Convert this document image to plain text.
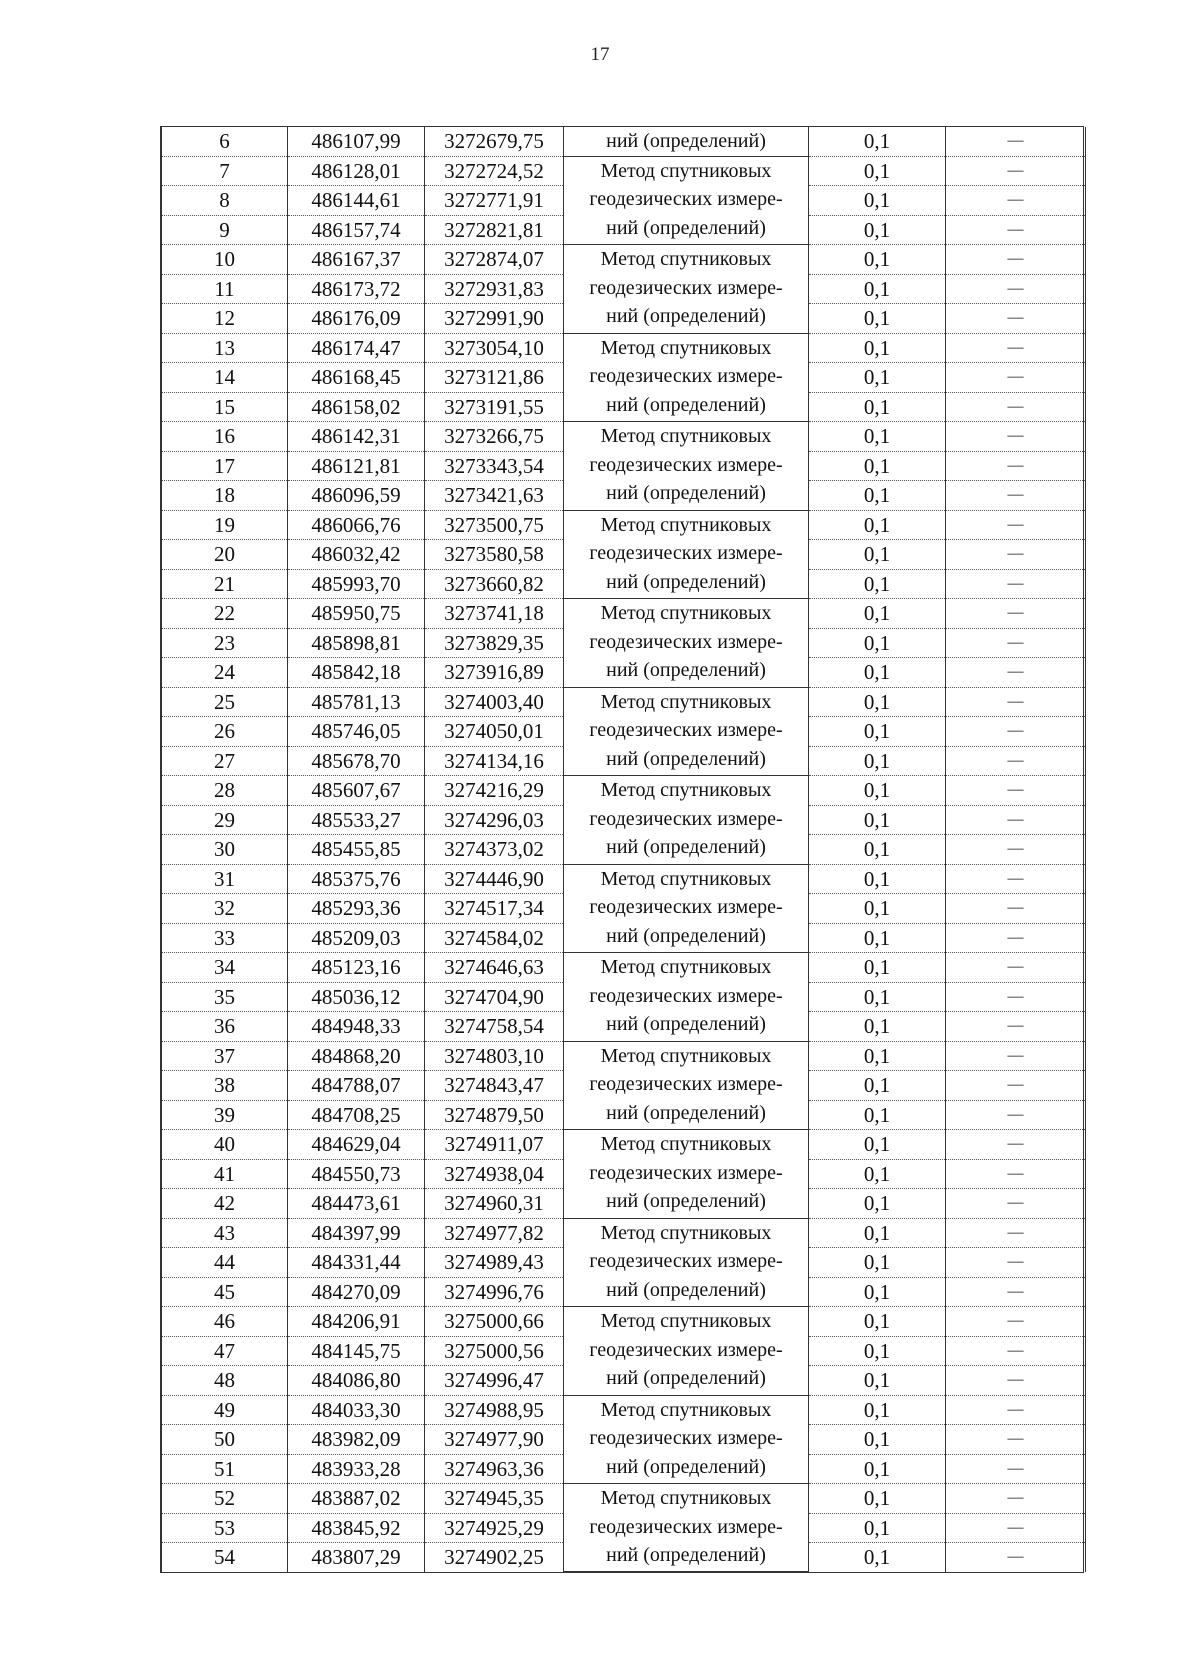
17
6	486107,99	3272679,75	ний (определений)	0,1	—
7	486128,01	3272724,52	Метод спутниковых
геодезических измере-
ний (определений)	0,1	—
8	486144,61	3272771,91		0,1	—
9	486157,74	3272821,81		0,1	—
10	486167,37	3272874,07	Метод спутниковых
геодезических измере-
ний (определений)	0,1	—
11	486173,72	3272931,83		0,1	—
12	486176,09	3272991,90		0,1	—
13	486174,47	3273054,10	Метод спутниковых
геодезических измере-
ний (определений)	0,1	—
14	486168,45	3273121,86		0,1	—
15	486158,02	3273191,55		0,1	—
16	486142,31	3273266,75	Метод спутниковых
геодезических измере-
ний (определений)	0,1	—
17	486121,81	3273343,54		0,1	—
18	486096,59	3273421,63		0,1	—
19	486066,76	3273500,75	Метод спутниковых
геодезических измере-
ний (определений)	0,1	—
20	486032,42	3273580,58		0,1	—
21	485993,70	3273660,82		0,1	—
22	485950,75	3273741,18	Метод спутниковых
геодезических измере-
ний (определений)	0,1	—
23	485898,81	3273829,35		0,1	—
24	485842,18	3273916,89		0,1	—
25	485781,13	3274003,40	Метод спутниковых
геодезических измере-
ний (определений)	0,1	—
26	485746,05	3274050,01		0,1	—
27	485678,70	3274134,16		0,1	—
28	485607,67	3274216,29	Метод спутниковых
геодезических измере-
ний (определений)	0,1	—
29	485533,27	3274296,03		0,1	—
30	485455,85	3274373,02		0,1	—
31	485375,76	3274446,90	Метод спутниковых
геодезических измере-
ний (определений)	0,1	—
32	485293,36	3274517,34		0,1	—
33	485209,03	3274584,02		0,1	—
34	485123,16	3274646,63	Метод спутниковых
геодезических измере-
ний (определений)	0,1	—
35	485036,12	3274704,90		0,1	—
36	484948,33	3274758,54		0,1	—
37	484868,20	3274803,10	Метод спутниковых
геодезических измере-
ний (определений)	0,1	—
38	484788,07	3274843,47		0,1	—
39	484708,25	3274879,50		0,1	—
40	484629,04	3274911,07	Метод спутниковых
геодезических измере-
ний (определений)	0,1	—
41	484550,73	3274938,04		0,1	—
42	484473,61	3274960,31		0,1	—
43	484397,99	3274977,82	Метод спутниковых
геодезических измере-
ний (определений)	0,1	—
44	484331,44	3274989,43		0,1	—
45	484270,09	3274996,76		0,1	—
46	484206,91	3275000,66	Метод спутниковых
геодезических измере-
ний (определений)	0,1	—
47	484145,75	3275000,56		0,1	—
48	484086,80	3274996,47		0,1	—
49	484033,30	3274988,95	Метод спутниковых
геодезических измере-
ний (определений)	0,1	—
50	483982,09	3274977,90		0,1	—
51	483933,28	3274963,36		0,1	—
52	483887,02	3274945,35	Метод спутниковых
геодезических измере-
ний (определений)	0,1	—
53	483845,92	3274925,29		0,1	—
54	483807,29	3274902,25		0,1	—
